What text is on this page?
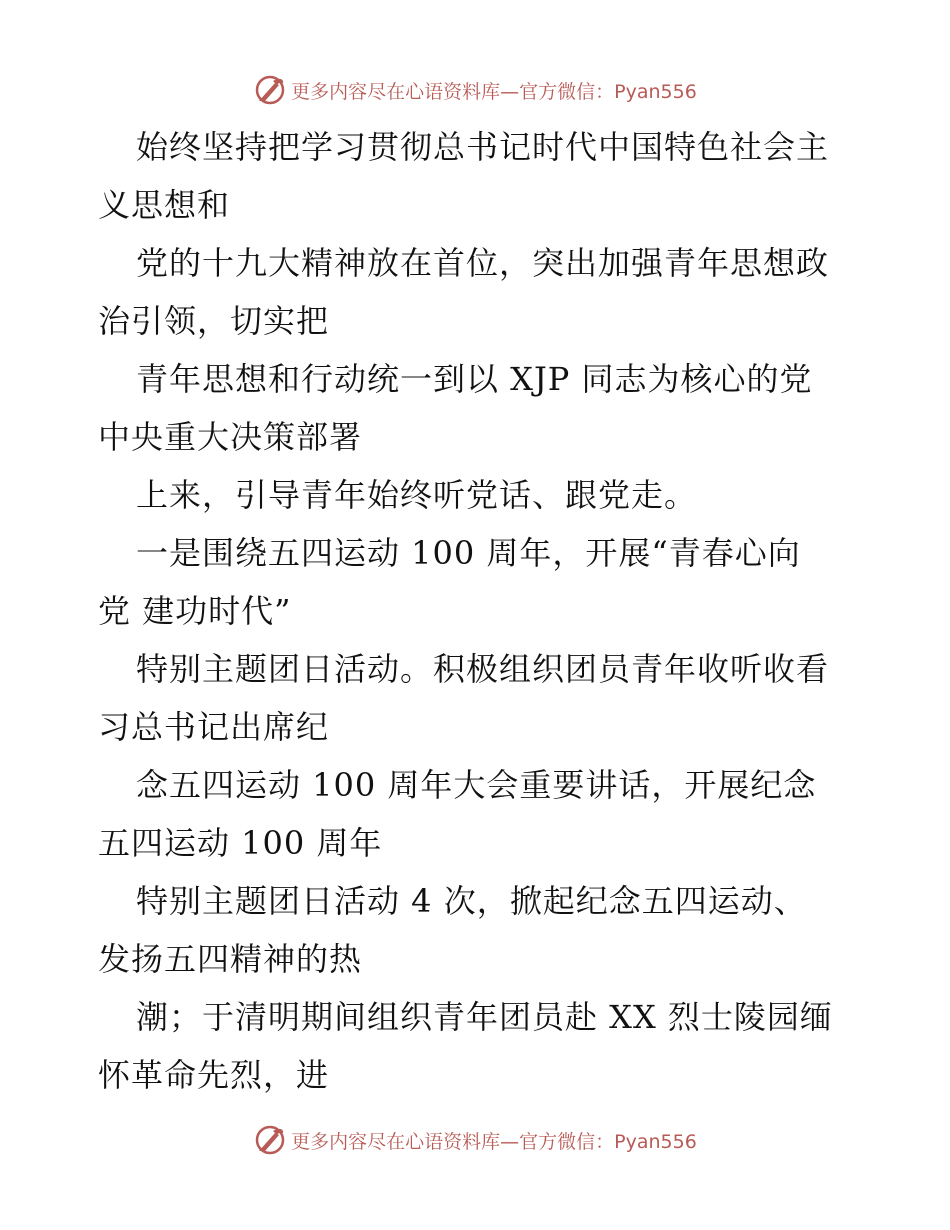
更多内容尽在心语资料库—官方微信：Pyan556
始终坚持把学习贯彻总书记时代中国特色社会主
义思想和
党的十九大精神放在首位，突出加强青年思想政
治引领，切实把
青年思想和行动统一到以 XJP 同志为核心的党
中央重大决策部署
上来，引导青年始终听党话、跟党走。
一是围绕五四运动 100 周年，开展“青春心向
党 建功时代”
特别主题团日活动。积极组织团员青年收听收看
习总书记出席纪
念五四运动 100 周年大会重要讲话，开展纪念
五四运动 100 周年
特别主题团日活动 4 次，掀起纪念五四运动、
发扬五四精神的热
潮；于清明期间组织青年团员赴 XX 烈士陵园缅
怀革命先烈，进
更多内容尽在心语资料库—官方微信：Pyan556
